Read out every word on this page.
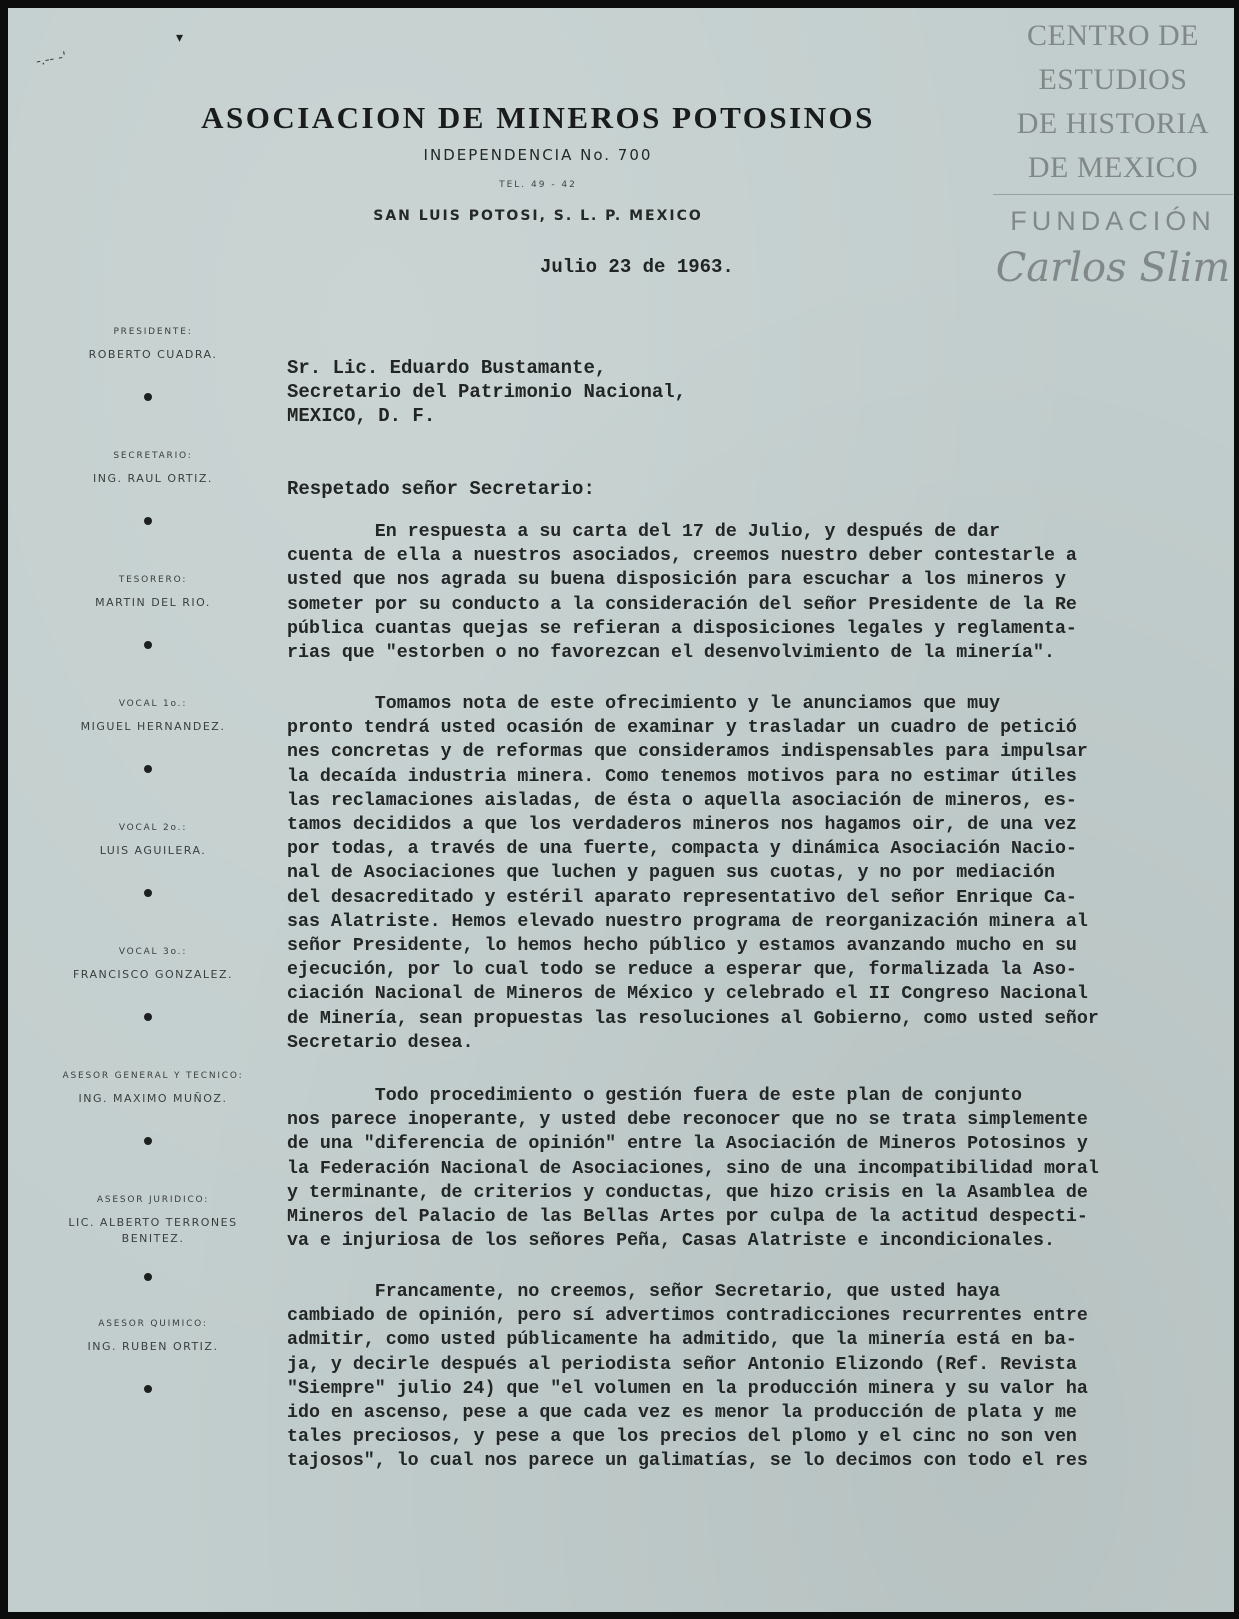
-.-- -'
▾
ASOCIACION DE MINEROS POTOSINOS
INDEPENDENCIA No. 700
TEL. 49 - 42
SAN LUIS POTOSI, S. L. P. MEXICO
CENTRO DE
ESTUDIOS
DE HISTORIA
DE MEXICO
FUNDACIÓN
Carlos Slim
Julio 23 de 1963.
PRESIDENTE:
ROBERTO CUADRA.
SECRETARIO:
ING. RAUL ORTIZ.
TESORERO:
MARTIN DEL RIO.
VOCAL 1o.:
MIGUEL HERNANDEZ.
VOCAL 2o.:
LUIS AGUILERA.
VOCAL 3o.:
FRANCISCO GONZALEZ.
ASESOR GENERAL Y TECNICO:
ING. MAXIMO MUÑOZ.
ASESOR JURIDICO:
LIC. ALBERTO TERRONES
BENITEZ.
ASESOR QUIMICO:
ING. RUBEN ORTIZ.
Sr. Lic. Eduardo Bustamante,
Secretario del Patrimonio Nacional,
MEXICO, D. F.
Respetado señor Secretario:
En respuesta a su carta del 17 de Julio, y después de dar
cuenta de ella a nuestros asociados, creemos nuestro deber contestarle a
usted que nos agrada su buena disposición para escuchar a los mineros y
someter por su conducto a la consideración del señor Presidente de la Re
pública cuantas quejas se refieran a disposiciones legales y reglamenta-
rias que "estorben o no favorezcan el desenvolvimiento de la minería".
Tomamos nota de este ofrecimiento y le anunciamos que muy
pronto tendrá usted ocasión de examinar y trasladar un cuadro de petició
nes concretas y de reformas que consideramos indispensables para impulsar
la decaída industria minera. Como tenemos motivos para no estimar útiles
las reclamaciones aisladas, de ésta o aquella asociación de mineros, es-
tamos decididos a que los verdaderos mineros nos hagamos oir, de una vez
por todas, a través de una fuerte, compacta y dinámica Asociación Nacio-
nal de Asociaciones que luchen y paguen sus cuotas, y no por mediación
del desacreditado y estéril aparato representativo del señor Enrique Ca-
sas Alatriste. Hemos elevado nuestro programa de reorganización minera al
señor Presidente, lo hemos hecho público y estamos avanzando mucho en su
ejecución, por lo cual todo se reduce a esperar que, formalizada la Aso-
ciación Nacional de Mineros de México y celebrado el II Congreso Nacional
de Minería, sean propuestas las resoluciones al Gobierno, como usted señor
Secretario desea.
Todo procedimiento o gestión fuera de este plan de conjunto
nos parece inoperante, y usted debe reconocer que no se trata simplemente
de una "diferencia de opinión" entre la Asociación de Mineros Potosinos y
la Federación Nacional de Asociaciones, sino de una incompatibilidad moral
y terminante, de criterios y conductas, que hizo crisis en la Asamblea de
Mineros del Palacio de las Bellas Artes por culpa de la actitud despecti-
va e injuriosa de los señores Peña, Casas Alatriste e incondicionales.
Francamente, no creemos, señor Secretario, que usted haya
cambiado de opinión, pero sí advertimos contradicciones recurrentes entre
admitir, como usted públicamente ha admitido, que la minería está en ba-
ja, y decirle después al periodista señor Antonio Elizondo (Ref. Revista
"Siempre" julio 24) que "el volumen en la producción minera y su valor ha
ido en ascenso, pese a que cada vez es menor la producción de plata y me
tales preciosos, y pese a que los precios del plomo y el cinc no son ven
tajosos", lo cual nos parece un galimatías, se lo decimos con todo el res
